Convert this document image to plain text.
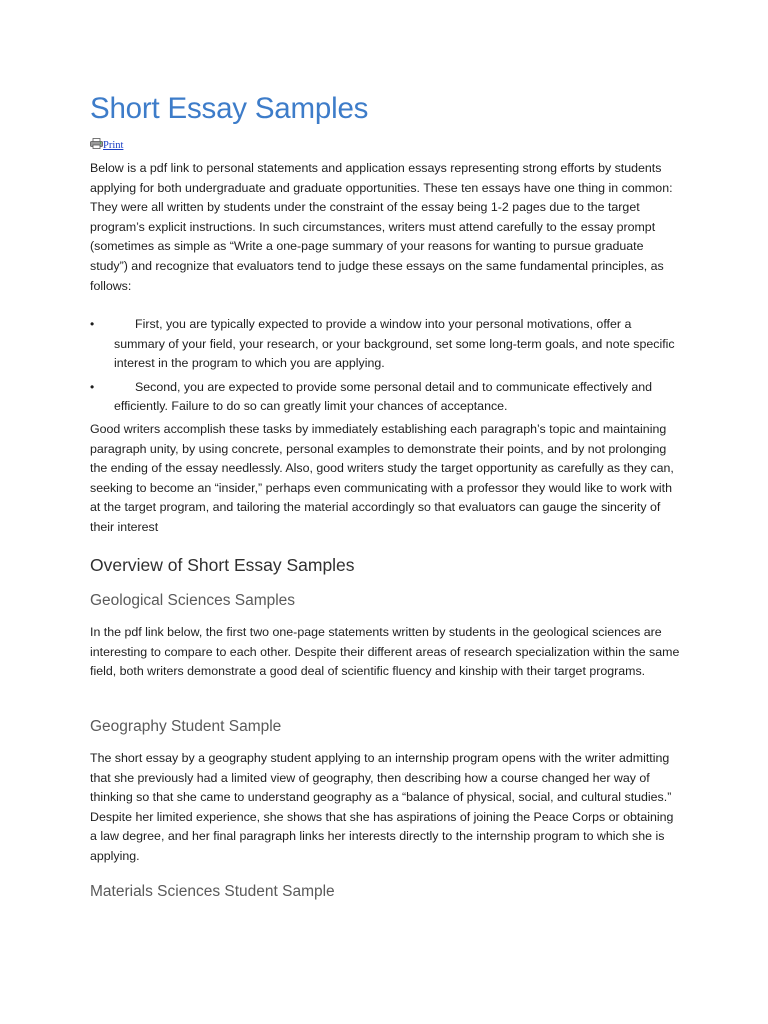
Short Essay Samples
Print

Below is a pdf link to personal statements and application essays representing strong efforts by students applying for both undergraduate and graduate opportunities. These ten essays have one thing in common: They were all written by students under the constraint of the essay being 1-2 pages due to the target program’s explicit instructions. In such circumstances, writers must attend carefully to the essay prompt (sometimes as simple as “Write a one-page summary of your reasons for wanting to pursue graduate study”) and recognize that evaluators tend to judge these essays on the same fundamental principles, as follows:

•	First, you are typically expected to provide a window into your personal motivations, offer a summary of your field, your research, or your background, set some long-term goals, and note specific interest in the program to which you are applying.
•	Second, you are expected to provide some personal detail and to communicate effectively and efficiently. Failure to do so can greatly limit your chances of acceptance.

Good writers accomplish these tasks by immediately establishing each paragraph’s topic and maintaining paragraph unity, by using concrete, personal examples to demonstrate their points, and by not prolonging the ending of the essay needlessly. Also, good writers study the target opportunity as carefully as they can, seeking to become an “insider,” perhaps even communicating with a professor they would like to work with at the target program, and tailoring the material accordingly so that evaluators can gauge the sincerity of their interest

Overview of Short Essay Samples
Geological Sciences Samples

In the pdf link below, the first two one-page statements written by students in the geological sciences are interesting to compare to each other. Despite their different areas of research specialization within the same field, both writers demonstrate a good deal of scientific fluency and kinship with their target programs.

Geography Student Sample

The short essay by a geography student applying to an internship program opens with the writer admitting that she previously had a limited view of geography, then describing how a course changed her way of thinking so that she came to understand geography as a “balance of physical, social, and cultural studies.” Despite her limited experience, she shows that she has aspirations of joining the Peace Corps or obtaining a law degree, and her final paragraph links her interests directly to the internship program to which she is applying.

Materials Sciences Student Sample
